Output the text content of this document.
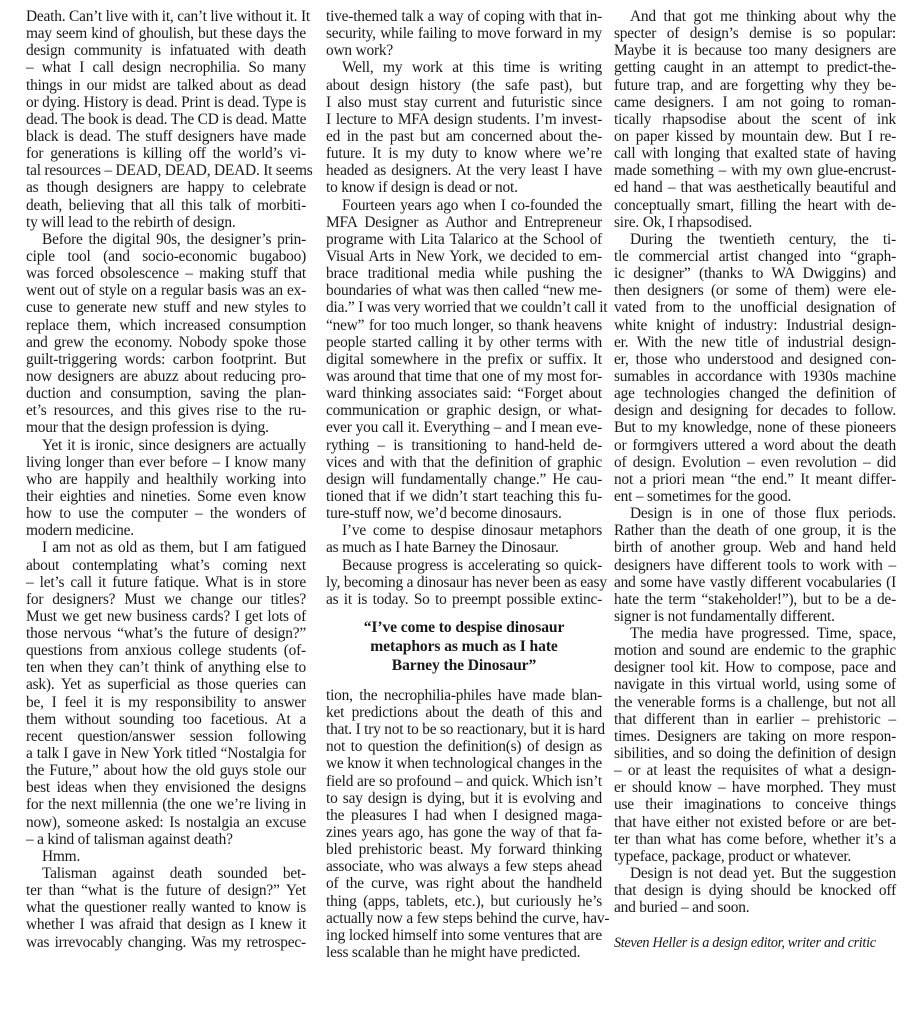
Death. Can’t live with it, can’t live without it. It
may seem kind of ghoulish, but these days the
design community is infatuated with death
– what I call design necrophilia. So many
things in our midst are talked about as dead
or dying. History is dead. Print is dead. Type is
dead. The book is dead. The CD is dead. Matte
black is dead. The stuff designers have made
for generations is killing off the world’s vi-
tal resources – DEAD, DEAD, DEAD. It seems
as though designers are happy to celebrate
death, believing that all this talk of morbiti-
ty will lead to the rebirth of design.
Before the digital 90s, the designer’s prin-
ciple tool (and socio-economic bugaboo)
was forced obsolescence – making stuff that
went out of style on a regular basis was an ex-
cuse to generate new stuff and new styles to
replace them, which increased consumption
and grew the economy. Nobody spoke those
guilt-triggering words: carbon footprint. But
now designers are abuzz about reducing pro-
duction and consumption, saving the plan-
et’s resources, and this gives rise to the ru-
mour that the design profession is dying.
Yet it is ironic, since designers are actually
living longer than ever before – I know many
who are happily and healthily working into
their eighties and nineties. Some even know
how to use the computer – the wonders of
modern medicine.
I am not as old as them, but I am fatigued
about contemplating what’s coming next
– let’s call it future fatique. What is in store
for designers? Must we change our titles?
Must we get new business cards? I get lots of
those nervous “what’s the future of design?”
questions from anxious college students (of-
ten when they can’t think of anything else to
ask). Yet as superficial as those queries can
be, I feel it is my responsibility to answer
them without sounding too facetious. At a
recent question/answer session following
a talk I gave in New York titled “Nostalgia for
the Future,” about how the old guys stole our
best ideas when they envisioned the designs
for the next millennia (the one we’re living in
now), someone asked: Is nostalgia an excuse
– a kind of talisman against death?
Hmm.
Talisman against death sounded bet-
ter than “what is the future of design?” Yet
what the questioner really wanted to know is
whether I was afraid that design as I knew it
was irrevocably changing. Was my retrospec-
tive-themed talk a way of coping with that in-
security, while failing to move forward in my
own work?
Well, my work at this time is writing
about design history (the safe past), but
I also must stay current and futuristic since
I lecture to MFA design students. I’m invest-
ed in the past but am concerned about the-
future. It is my duty to know where we’re
headed as designers. At the very least I have
to know if design is dead or not.
Fourteen years ago when I co-founded the
MFA Designer as Author and Entrepreneur
programe with Lita Talarico at the School of
Visual Arts in New York, we decided to em-
brace traditional media while pushing the
boundaries of what was then called “new me-
dia.” I was very worried that we couldn’t call it
“new” for too much longer, so thank heavens
people started calling it by other terms with
digital somewhere in the prefix or suffix. It
was around that time that one of my most for-
ward thinking associates said: “Forget about
communication or graphic design, or what-
ever you call it. Everything – and I mean eve-
rything – is transitioning to hand-held de-
vices and with that the definition of graphic
design will fundamentally change.” He cau-
tioned that if we didn’t start teaching this fu-
ture-stuff now, we’d become dinosaurs.
I’ve come to despise dinosaur metaphors
as much as I hate Barney the Dinosaur.
Because progress is accelerating so quick-
ly, becoming a dinosaur has never been as easy
as it is today. So to preempt possible extinc-
“I’ve come to despise dinosaur
metaphors as much as I hate
Barney the Dinosaur”
tion, the necrophilia-philes have made blan-
ket predictions about the death of this and
that. I try not to be so reactionary, but it is hard
not to question the definition(s) of design as
we know it when technological changes in the
field are so profound – and quick. Which isn’t
to say design is dying, but it is evolving and
the pleasures I had when I designed maga-
zines years ago, has gone the way of that fa-
bled prehistoric beast. My forward thinking
associate, who was always a few steps ahead
of the curve, was right about the handheld
thing (apps, tablets, etc.), but curiously he’s
actually now a few steps behind the curve, hav-
ing locked himself into some ventures that are
less scalable than he might have predicted.
And that got me thinking about why the
specter of design’s demise is so popular:
Maybe it is because too many designers are
getting caught in an attempt to predict-the-
future trap, and are forgetting why they be-
came designers. I am not going to roman-
tically rhapsodise about the scent of ink
on paper kissed by mountain dew. But I re-
call with longing that exalted state of having
made something – with my own glue-encrust-
ed hand – that was aesthetically beautiful and
conceptually smart, filling the heart with de-
sire. Ok, I rhapsodised.
During the twentieth century, the ti-
tle commercial artist changed into “graph-
ic designer” (thanks to WA Dwiggins) and
then designers (or some of them) were ele-
vated from to the unofficial designation of
white knight of industry: Industrial design-
er. With the new title of industrial design-
er, those who understood and designed con-
sumables in accordance with 1930s machine
age technologies changed the definition of
design and designing for decades to follow.
But to my knowledge, none of these pioneers
or formgivers uttered a word about the death
of design. Evolution – even revolution – did
not a priori mean “the end.” It meant differ-
ent – sometimes for the good.
Design is in one of those flux periods.
Rather than the death of one group, it is the
birth of another group. Web and hand held
designers have different tools to work with –
and some have vastly different vocabularies (I
hate the term “stakeholder!”), but to be a de-
signer is not fundamentally different.
The media have progressed. Time, space,
motion and sound are endemic to the graphic
designer tool kit. How to compose, pace and
navigate in this virtual world, using some of
the venerable forms is a challenge, but not all
that different than in earlier – prehistoric –
times. Designers are taking on more respon-
sibilities, and so doing the definition of design
– or at least the requisites of what a design-
er should know – have morphed. They must
use their imaginations to conceive things
that have either not existed before or are bet-
ter than what has come before, whether it’s a
typeface, package, product or whatever.
Design is not dead yet. But the suggestion
that design is dying should be knocked off
and buried – and soon.
Steven Heller is a design editor, writer and critic
